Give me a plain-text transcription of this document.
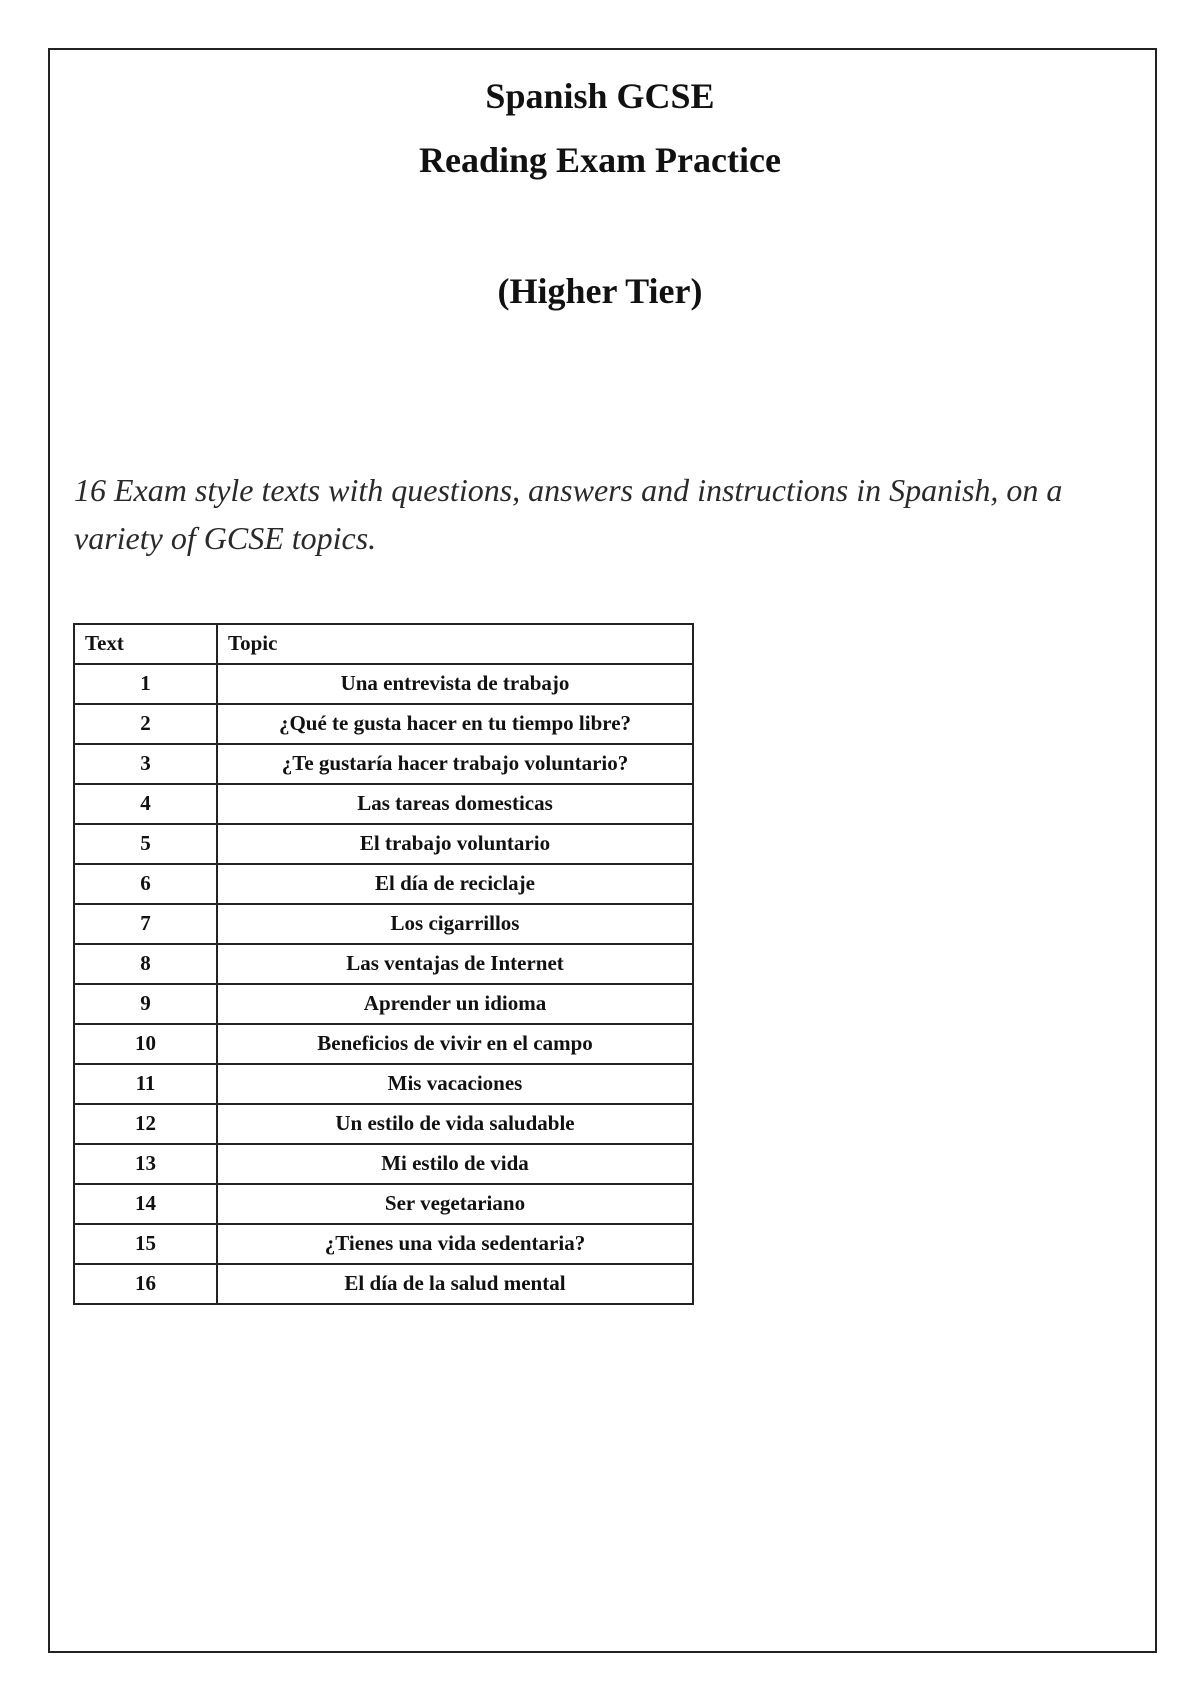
Spanish GCSE
Reading Exam Practice
(Higher Tier)

16 Exam style texts with questions, answers and instructions in Spanish, on a variety of GCSE topics.

Text	Topic
1	Una entrevista de trabajo
2	¿Qué te gusta hacer en tu tiempo libre?
3	¿Te gustaría hacer trabajo voluntario?
4	Las tareas domesticas
5	El trabajo voluntario
6	El día de reciclaje
7	Los cigarrillos
8	Las ventajas de Internet
9	Aprender un idioma
10	Beneficios de vivir en el campo
11	Mis vacaciones
12	Un estilo de vida saludable
13	Mi estilo de vida
14	Ser vegetariano
15	¿Tienes una vida sedentaria?
16	El día de la salud mental
